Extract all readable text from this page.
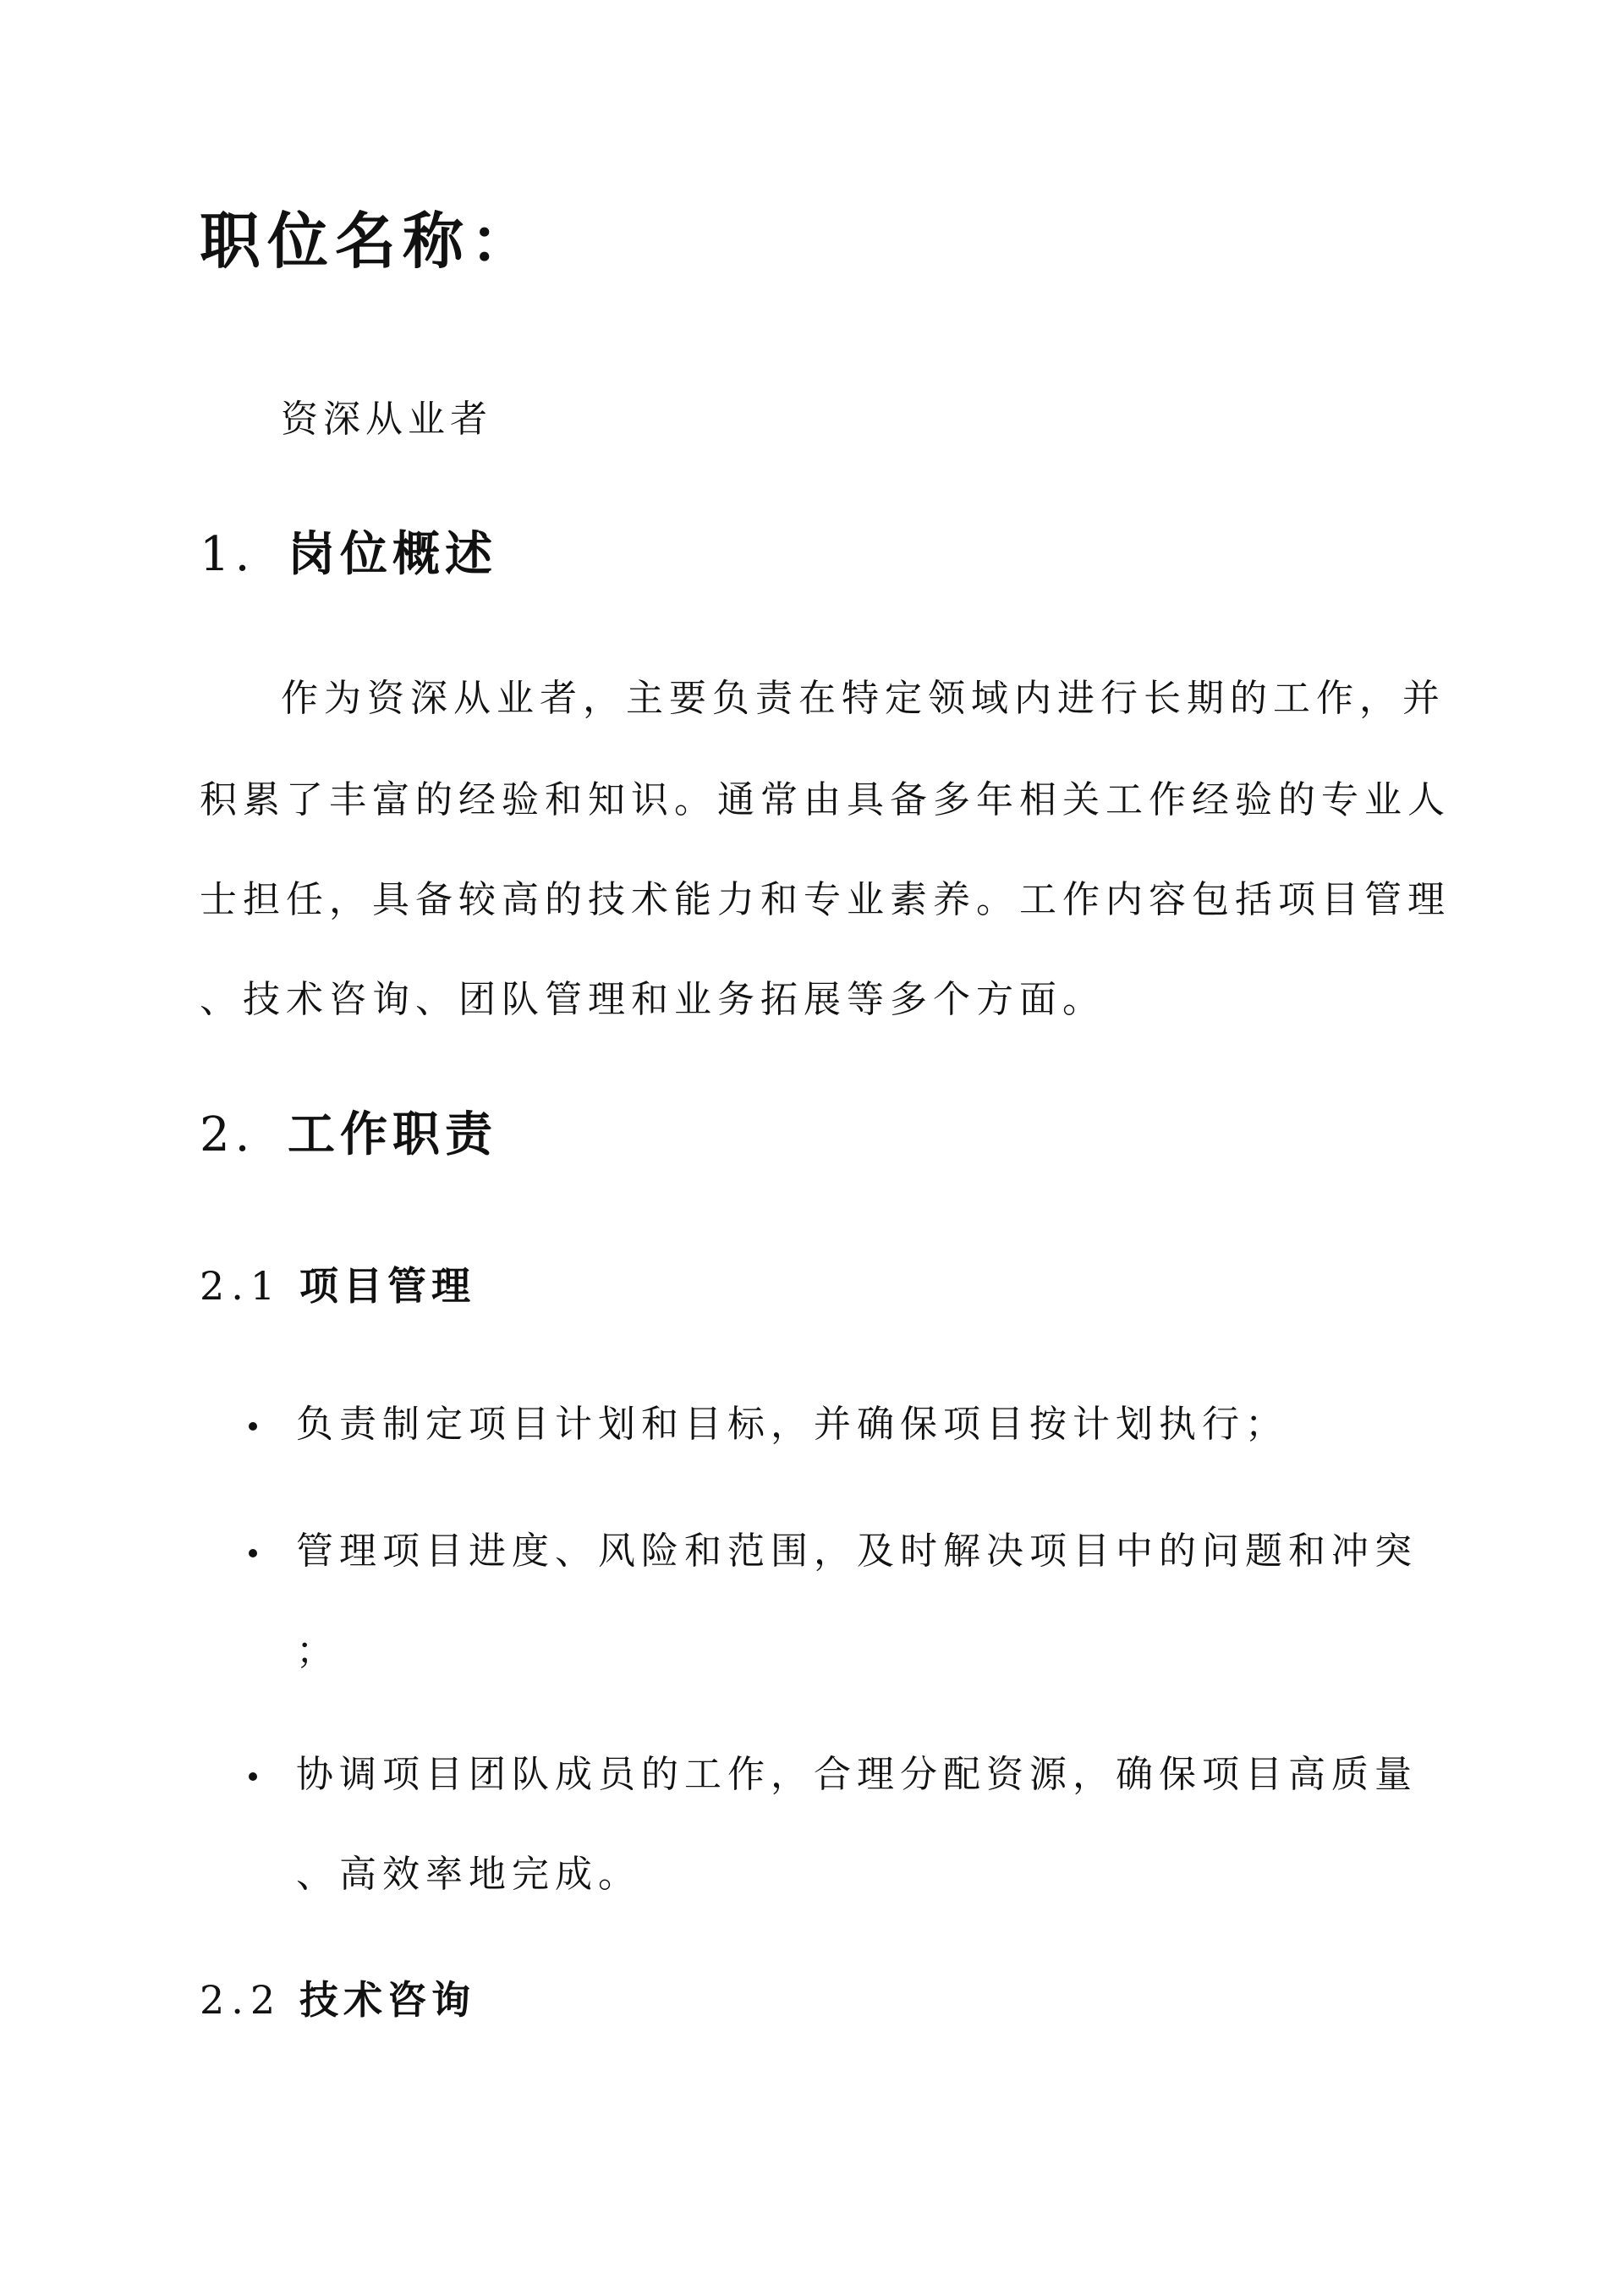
职位名称：
资深从业者
1. 岗位概述
作为资深从业者，主要负责在特定领域内进行长期的工作，并
积累了丰富的经验和知识。通常由具备多年相关工作经验的专业人
士担任，具备较高的技术能力和专业素养。工作内容包括项目管理
、技术咨询、团队管理和业务拓展等多个方面。
2. 工作职责
2.1 项目管理
负责制定项目计划和目标，并确保项目按计划执行；
管理项目进度、风险和范围，及时解决项目中的问题和冲突
；
协调项目团队成员的工作，合理分配资源，确保项目高质量
、高效率地完成。
2.2 技术咨询
